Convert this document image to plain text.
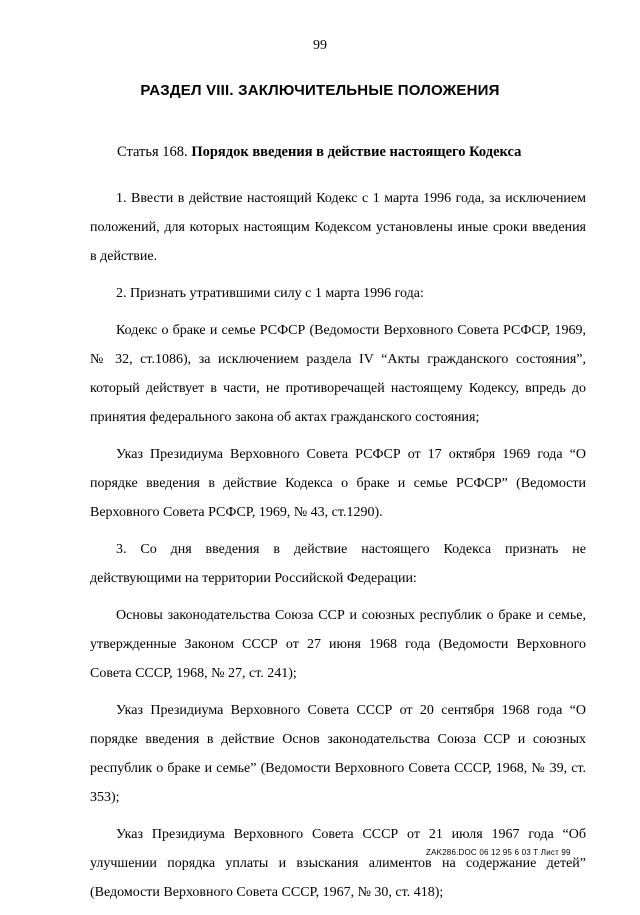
99
РАЗДЕЛ VIII. ЗАКЛЮЧИТЕЛЬНЫЕ ПОЛОЖЕНИЯ
Статья 168. Порядок введения в действие настоящего Кодекса

1. Ввести в действие настоящий Кодекс с 1 марта 1996 года, за исключением положений, для которых настоящим Кодексом установлены иные сроки введения в действие.

2. Признать утратившими силу с 1 марта 1996 года:

Кодекс о браке и семье РСФСР (Ведомости Верховного Совета РСФСР, 1969, № 32, ст.1086), за исключением раздела IV “Акты гражданского состояния”, который действует в части, не противоречащей настоящему Кодексу, впредь до принятия федерального закона об актах гражданского состояния;

Указ Президиума Верховного Совета РСФСР от 17 октября 1969 года “О порядке введения в действие Кодекса о браке и семье РСФСР” (Ведомости Верховного Совета РСФСР, 1969, № 43, ст.1290).

3. Со дня введения в действие настоящего Кодекса признать не действующими на территории Российской Федерации:

Основы законодательства Союза ССР и союзных республик о браке и семье, утвержденные Законом СССР от 27 июня 1968 года (Ведомости Верховного Совета СССР, 1968, № 27, ст. 241);

Указ Президиума Верховного Совета СССР от 20 сентября 1968 года “О порядке введения в действие Основ законодательства Союза ССР и союзных республик о браке и семье” (Ведомости Верховного Совета СССР, 1968, № 39, ст. 353);

Указ Президиума Верховного Совета СССР от 21 июля 1967 года “Об улучшении порядка уплаты и взыскания алиментов на содержание детей” (Ведомости Верховного Совета СССР, 1967, № 30, ст. 418);

ZAK286.DOC 06 12 95 6 03 Т Лист 99
